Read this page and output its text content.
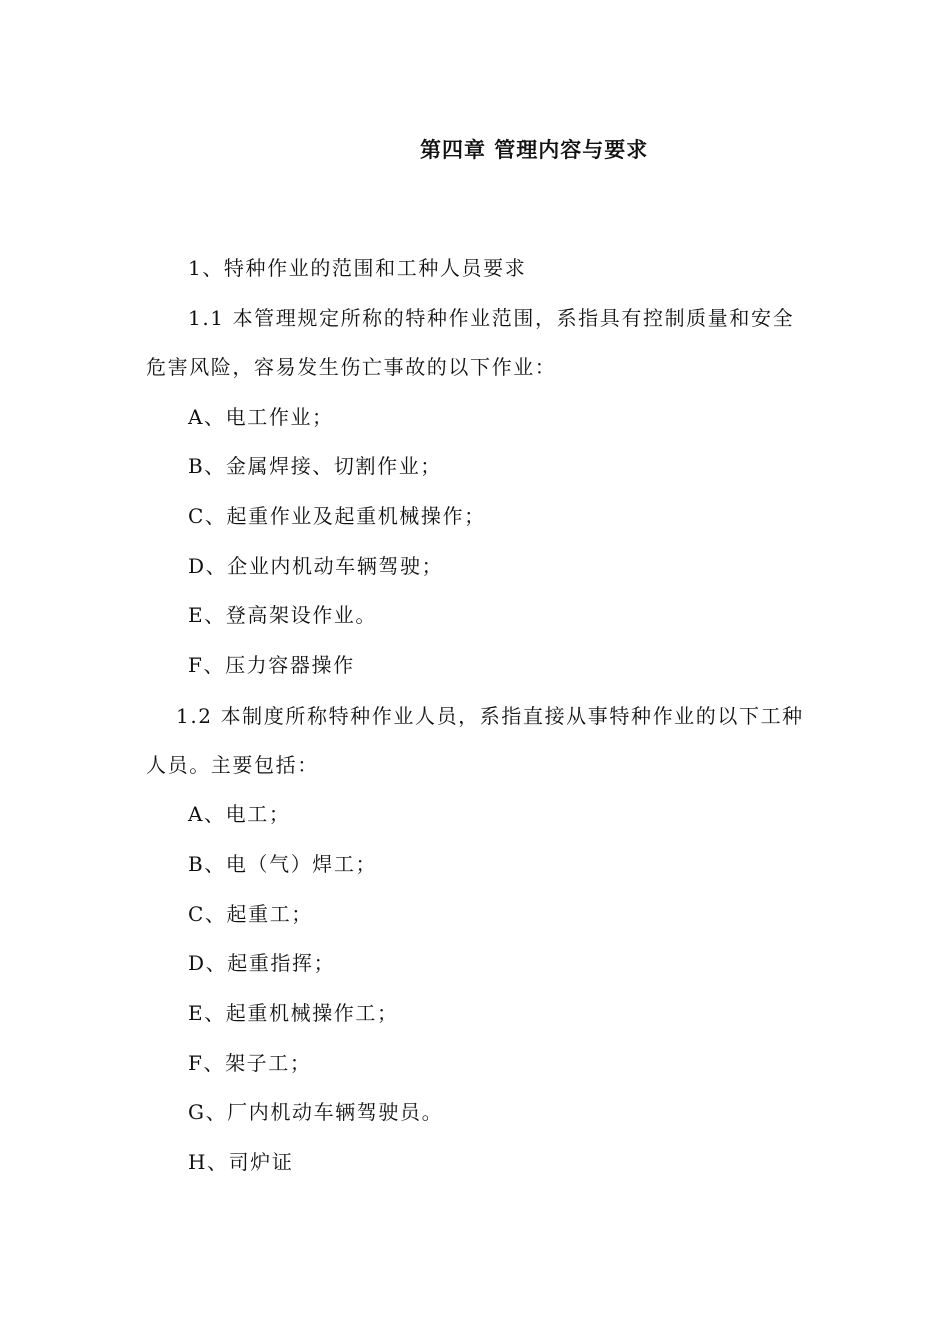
第四章 管理内容与要求
1、特种作业的范围和工种人员要求
1.1 本管理规定所称的特种作业范围，系指具有控制质量和安全
危害风险，容易发生伤亡事故的以下作业：
A、电工作业；
B、金属焊接、切割作业；
C、起重作业及起重机械操作；
D、企业内机动车辆驾驶；
E、登高架设作业。
F、压力容器操作
1.2 本制度所称特种作业人员，系指直接从事特种作业的以下工种
人员。主要包括：
A、电工；
B、电（气）焊工；
C、起重工；
D、起重指挥；
E、起重机械操作工；
F、架子工；
G、厂内机动车辆驾驶员。
H、司炉证
